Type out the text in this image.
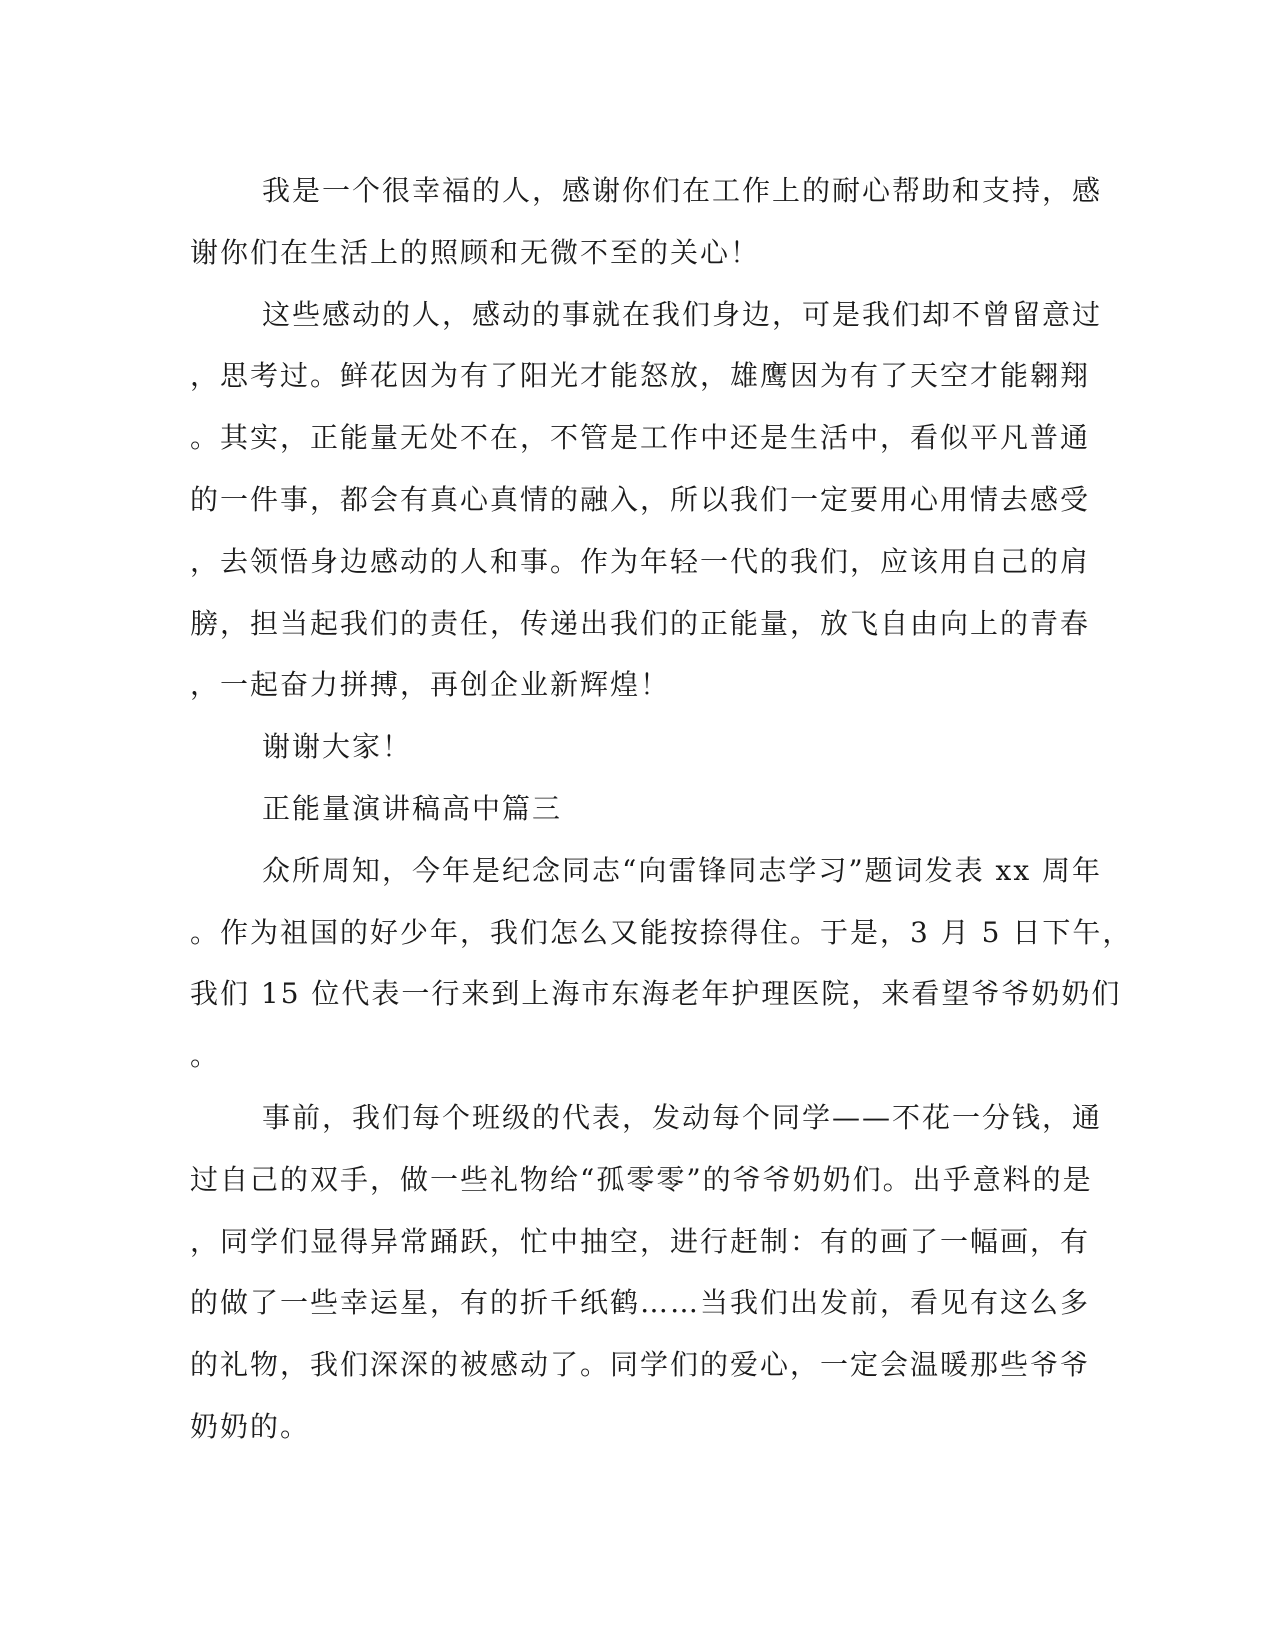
我是一个很幸福的人，感谢你们在工作上的耐心帮助和支持，感
谢你们在生活上的照顾和无微不至的关心！
这些感动的人，感动的事就在我们身边，可是我们却不曾留意过
，思考过。鲜花因为有了阳光才能怒放，雄鹰因为有了天空才能翱翔
。其实，正能量无处不在，不管是工作中还是生活中，看似平凡普通
的一件事，都会有真心真情的融入，所以我们一定要用心用情去感受
，去领悟身边感动的人和事。作为年轻一代的我们，应该用自己的肩
膀，担当起我们的责任，传递出我们的正能量，放飞自由向上的青春
，一起奋力拼搏，再创企业新辉煌！
谢谢大家！
正能量演讲稿高中篇三
众所周知，今年是纪念同志“向雷锋同志学习”题词发表 xx 周年
。作为祖国的好少年，我们怎么又能按捺得住。于是，3 月 5 日下午，
我们 15 位代表一行来到上海市东海老年护理医院，来看望爷爷奶奶们
。
事前，我们每个班级的代表，发动每个同学——不花一分钱，通
过自己的双手，做一些礼物给“孤零零”的爷爷奶奶们。出乎意料的是
，同学们显得异常踊跃，忙中抽空，进行赶制：有的画了一幅画，有
的做了一些幸运星，有的折千纸鹤……当我们出发前，看见有这么多
的礼物，我们深深的被感动了。同学们的爱心，一定会温暖那些爷爷
奶奶的。
